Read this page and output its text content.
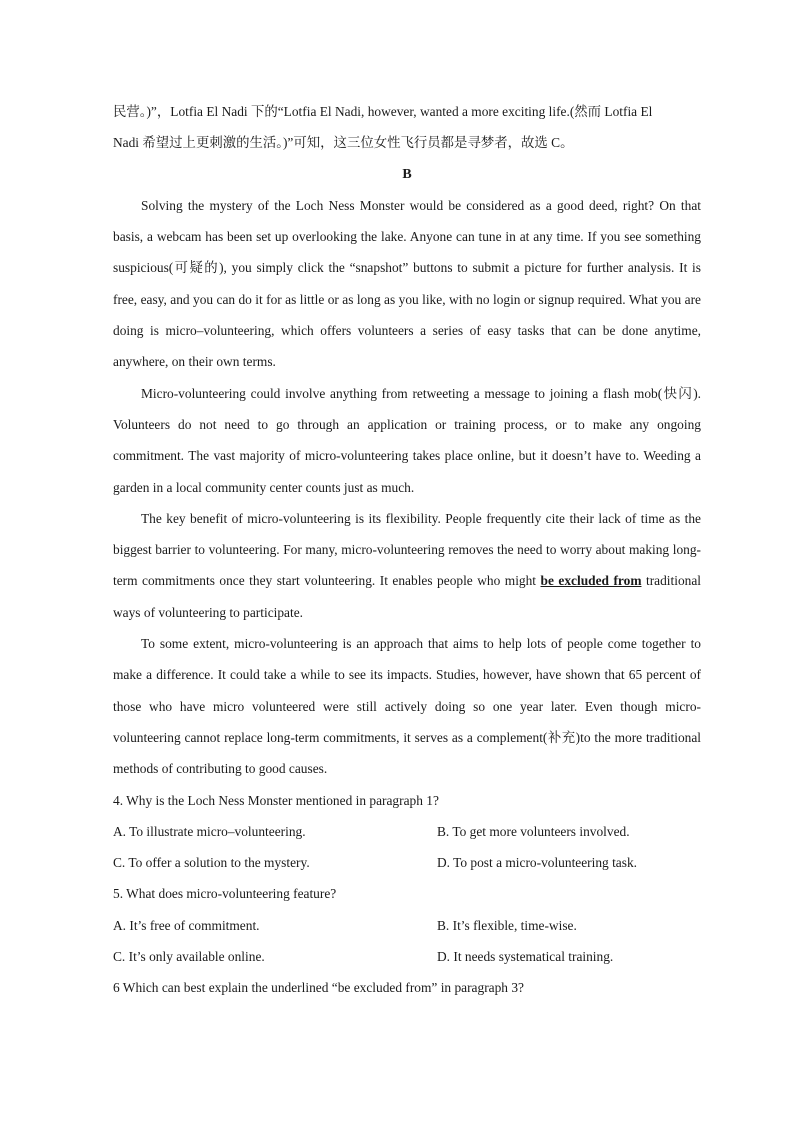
民营。)”，Lotfia El Nadi 下的“Lotfia El Nadi, however, wanted a more exciting life.(然而 Lotfia El

Nadi 希望过上更刺激的生活。)”可知，这三位女性飞行员都是寻梦者，故选 C。

B

Solving the mystery of the Loch Ness Monster would be considered as a good deed, right? On that basis, a webcam has been set up overlooking the lake. Anyone can tune in at any time. If you see something suspicious(可疑的), you simply click the “snapshot” buttons to submit a picture for further analysis. It is free, easy, and you can do it for as little or as long as you like, with no login or signup required. What you are doing is micro–volunteering, which offers volunteers a series of easy tasks that can be done anytime, anywhere, on their own terms.

Micro-volunteering could involve anything from retweeting a message to joining a flash mob(快闪). Volunteers do not need to go through an application or training process, or to make any ongoing commitment. The vast majority of micro-volunteering takes place online, but it doesn’t have to. Weeding a garden in a local community center counts just as much.

The key benefit of micro-volunteering is its flexibility. People frequently cite their lack of time as the biggest barrier to volunteering. For many, micro-volunteering removes the need to worry about making long-term commitments once they start volunteering. It enables people who might be excluded from traditional ways of volunteering to participate.

To some extent, micro-volunteering is an approach that aims to help lots of people come together to make a difference. It could take a while to see its impacts. Studies, however, have shown that 65 percent of those who have micro volunteered were still actively doing so one year later. Even though micro-volunteering cannot replace long-term commitments, it serves as a complement(补充)to the more traditional methods of contributing to good causes.

4. Why is the Loch Ness Monster mentioned in paragraph 1?

A. To illustrate micro–volunteering.	B. To get more volunteers involved.
C. To offer a solution to the mystery.	D. To post a micro-volunteering task.

5. What does micro-volunteering feature?

A. It’s free of commitment.	B. It’s flexible, time-wise.
C. It’s only available online.	D. It needs systematical training.

6 Which can best explain the underlined “be excluded from” in paragraph 3?
